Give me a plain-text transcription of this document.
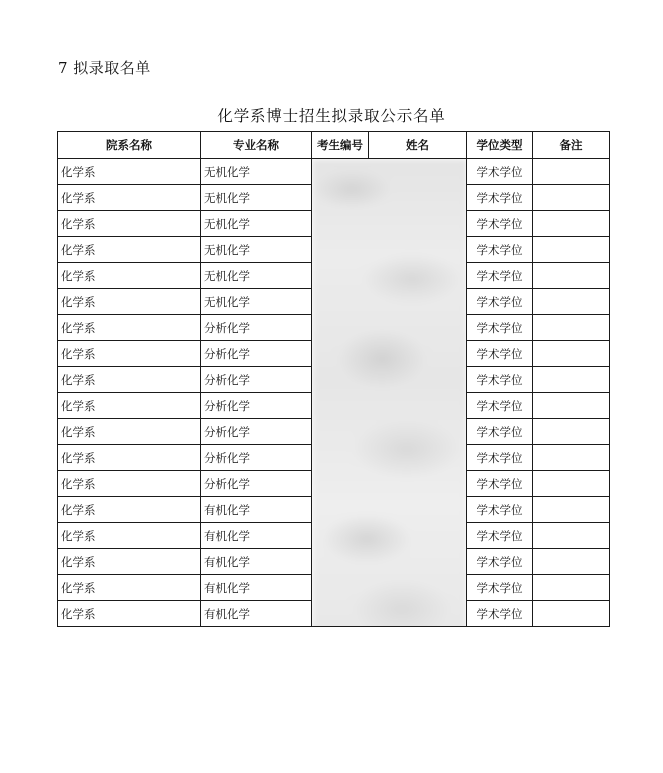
7 拟录取名单
化学系博士招生拟录取公示名单
院系名称	专业名称	考生编号	姓名	学位类型	备注
化学系	无机化学			学术学位	
化学系	无机化学			学术学位	
化学系	无机化学			学术学位	
化学系	无机化学			学术学位	
化学系	无机化学			学术学位	
化学系	无机化学			学术学位	
化学系	分析化学			学术学位	
化学系	分析化学			学术学位	
化学系	分析化学			学术学位	
化学系	分析化学			学术学位	
化学系	分析化学			学术学位	
化学系	分析化学			学术学位	
化学系	分析化学			学术学位	
化学系	有机化学			学术学位	
化学系	有机化学			学术学位	
化学系	有机化学			学术学位	
化学系	有机化学			学术学位	
化学系	有机化学			学术学位	
